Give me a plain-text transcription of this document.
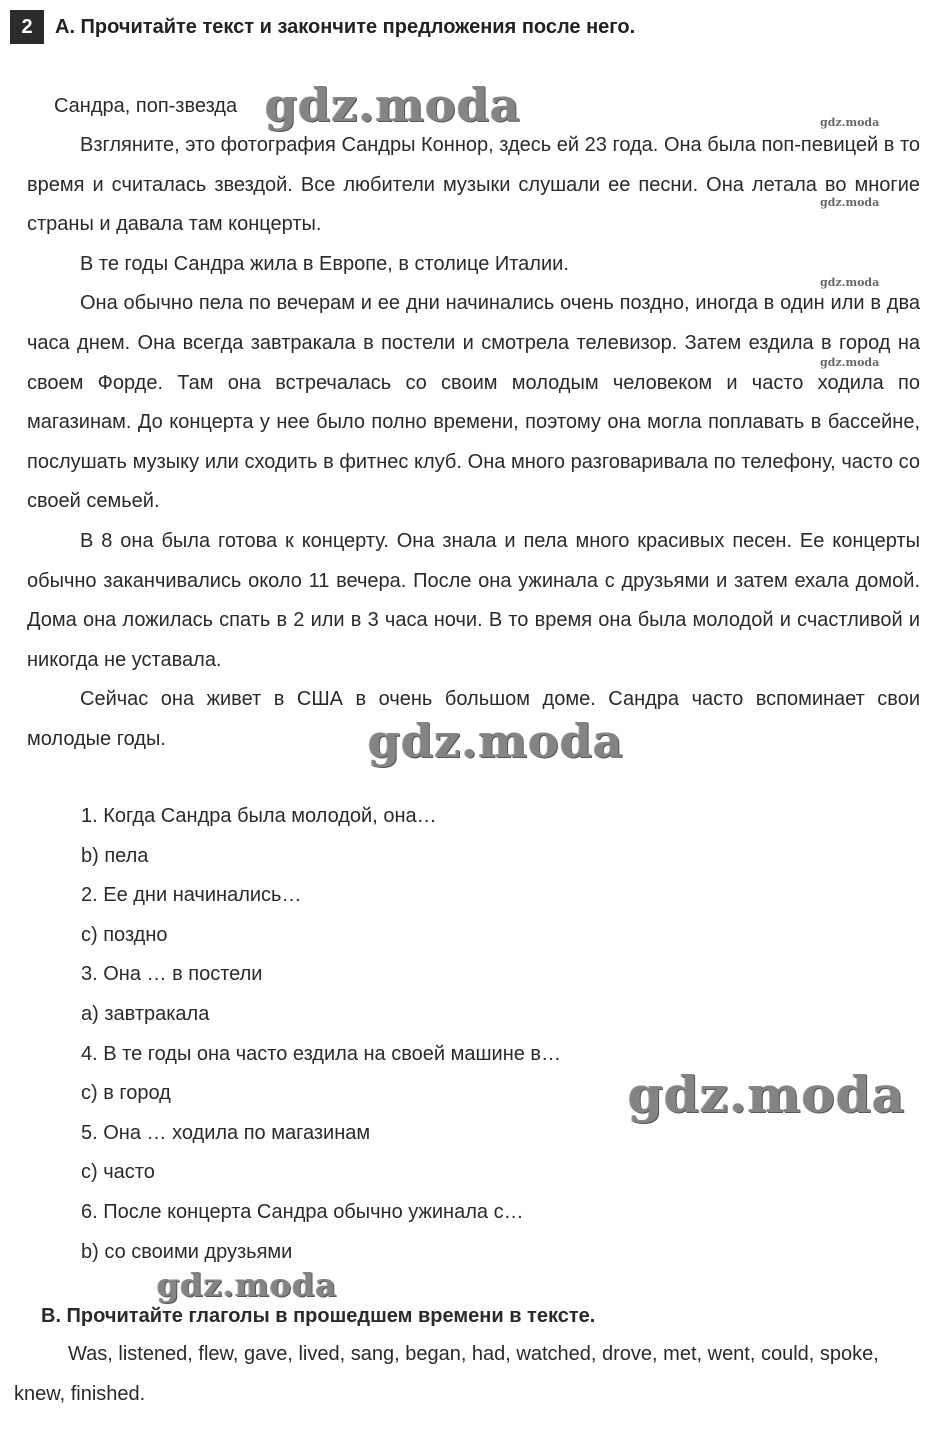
2	A. Прочитайте текст и закончите предложения после него.
Сандра, поп-звезда

Взгляните, это фотография Сандры Коннор, здесь ей 23 года. Она была поп-певицей в то время и считалась звездой. Все любители музыки слушали ее песни. Она летала во многие страны и давала там концерты.

В те годы Сандра жила в Европе, в столице Италии.

Она обычно пела по вечерам и ее дни начинались очень поздно, иногда в один или в два часа днем. Она всегда завтракала в постели и смотрела телевизор. Затем ездила в город на своем Форде. Там она встречалась со своим молодым человеком и часто ходила по магазинам. До концерта у нее было полно времени, поэтому она могла поплавать в бассейне, послушать музыку или сходить в фитнес клуб. Она много разговаривала по телефону, часто со своей семьей.

В 8 она была готова к концерту. Она знала и пела много красивых песен. Ее концерты обычно заканчивались около 11 вечера. После она ужинала с друзьями и затем ехала домой. Дома она ложилась спать в 2 или в 3 часа ночи. В то время она была молодой и счастливой и никогда не уставала.

Сейчас она живет в США в очень большом доме. Сандра часто вспоминает свои молодые годы.

1. Когда Сандра была молодой, она…
b) пела
2. Ее дни начинались…
c) поздно
3. Она … в постели
a) завтракала
4. В те годы она часто ездила на своей машине в…
c) в город
5. Она … ходила по магазинам
c) часто
6. После концерта Сандра обычно ужинала с…
b) со своими друзьями
B. Прочитайте глаголы в прошедшем времени в тексте.

Was, listened, flew, gave, lived, sang, began, had, watched, drove, met, went, could, spoke, knew, finished.

gdz.moda
gdz.moda
gdz.moda
gdz.moda
gdz.moda
gdz.moda
gdz.moda
gdz.moda
